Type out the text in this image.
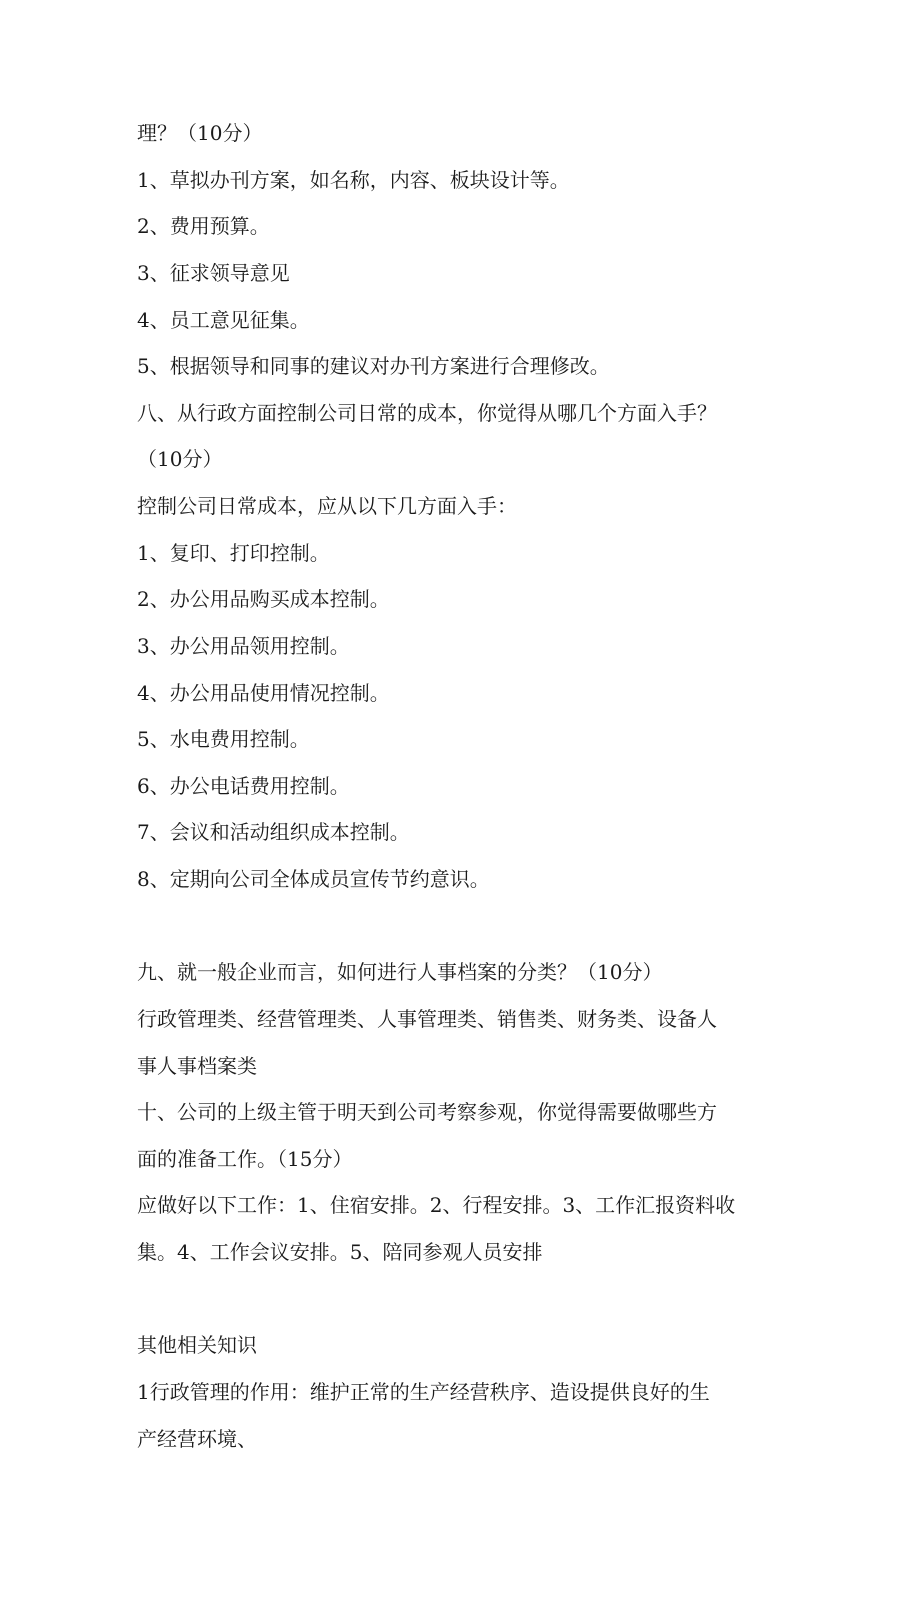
理？（10分）
1、草拟办刊方案，如名称，内容、板块设计等。
2、费用预算。
3、征求领导意见
4、员工意见征集。
5、根据领导和同事的建议对办刊方案进行合理修改。
八、从行政方面控制公司日常的成本，你觉得从哪几个方面入手？
（10分）
控制公司日常成本，应从以下几方面入手：
1、复印、打印控制。
2、办公用品购买成本控制。
3、办公用品领用控制。
4、办公用品使用情况控制。
5、水电费用控制。
6、办公电话费用控制。
7、会议和活动组织成本控制。
8、定期向公司全体成员宣传节约意识。
九、就一般企业而言，如何进行人事档案的分类？（10分）
行政管理类、经营管理类、人事管理类、销售类、财务类、设备人
事人事档案类
十、公司的上级主管于明天到公司考察参观，你觉得需要做哪些方
面的准备工作。（15分）
应做好以下工作：1、住宿安排。2、行程安排。3、工作汇报资料收
集。4、工作会议安排。5、陪同参观人员安排
其他相关知识
1行政管理的作用：维护正常的生产经营秩序、造设提供良好的生
产经营环境、
